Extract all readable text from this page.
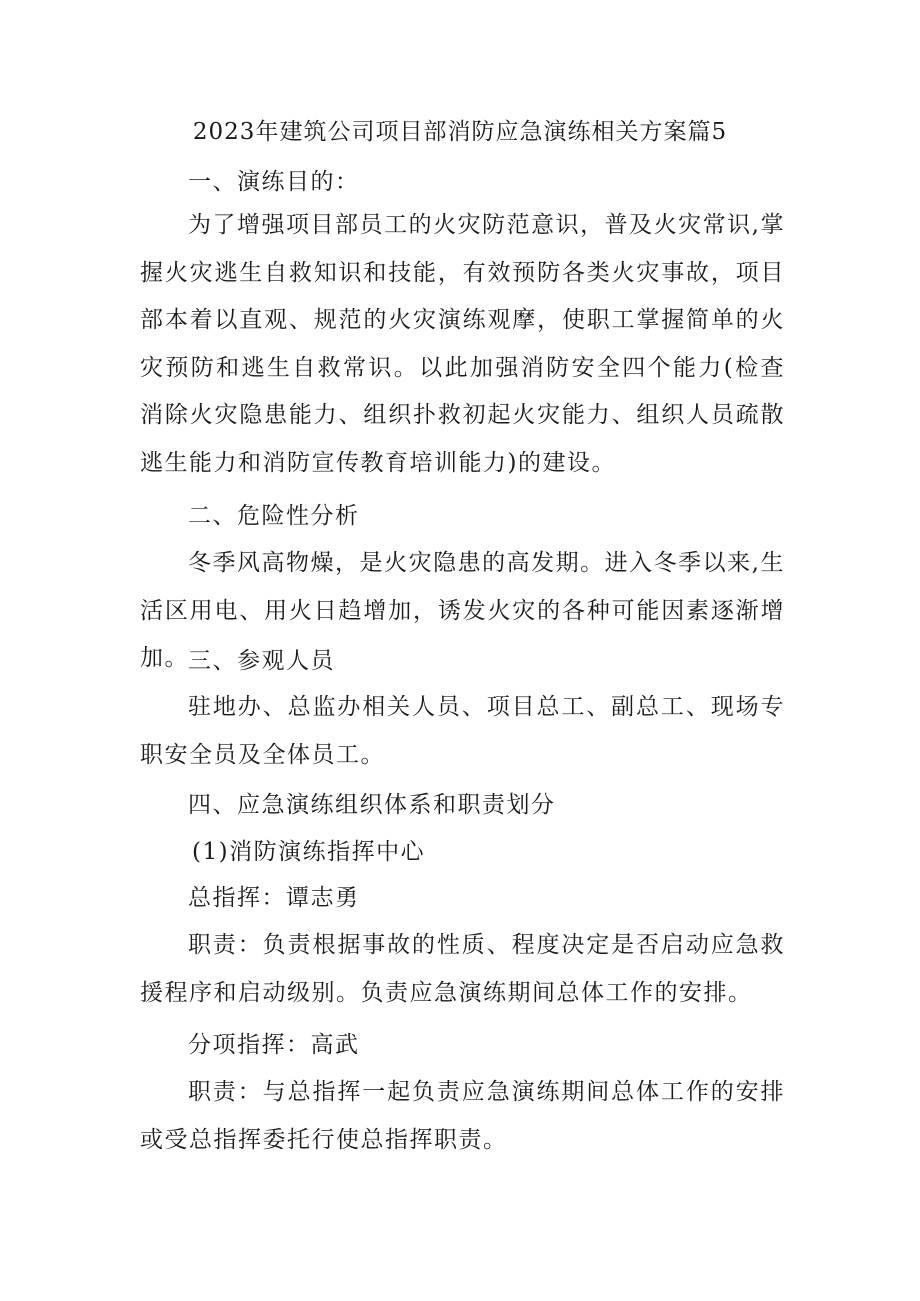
2023年建筑公司项目部消防应急演练相关方案篇5
一、演练目的：
为了增强项目部员工的火灾防范意识，普及火灾常识,掌握火灾逃生自救知识和技能，有效预防各类火灾事故，项目部本着以直观、规范的火灾演练观摩，使职工掌握简单的火灾预防和逃生自救常识。以此加强消防安全四个能力(检查消除火灾隐患能力、组织扑救初起火灾能力、组织人员疏散逃生能力和消防宣传教育培训能力)的建设。
二、危险性分析
冬季风高物燥，是火灾隐患的高发期。进入冬季以来,生活区用电、用火日趋增加，诱发火灾的各种可能因素逐渐增加。 三、参观人员
驻地办、总监办相关人员、项目总工、副总工、现场专职安全员及全体员工。
四、应急演练组织体系和职责划分
(1)消防演练指挥中心
总指挥：谭志勇
职责：负责根据事故的性质、程度决定是否启动应急救援程序和启动级别。负责应急演练期间总体工作的安排。
分项指挥：高武
职责：与总指挥一起负责应急演练期间总体工作的安排或受总指挥委托行使总指挥职责。
